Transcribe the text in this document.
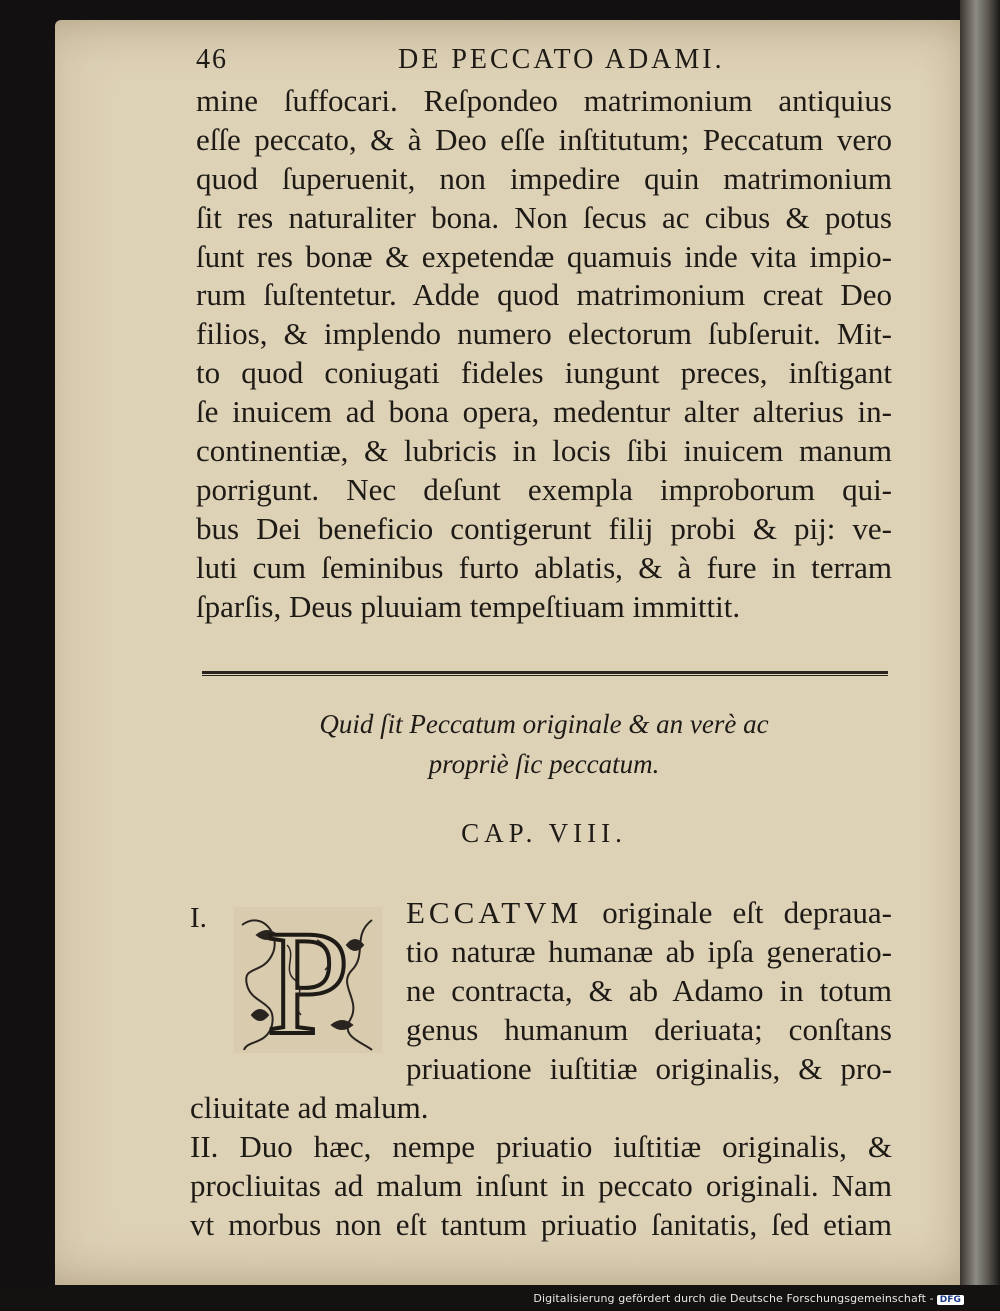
46	DE PECCATO ADAMI.
mine ſuffocari. Reſpondeo matrimonium antiquius
eſſe peccato, & à Deo eſſe inſtitutum; Peccatum vero
quod ſuperuenit, non impedire quin matrimonium
ſit res naturaliter bona. Non ſecus ac cibus & potus
ſunt res bonæ & expetendæ quamuis inde vita impio-
rum ſuſtentetur. Adde quod matrimonium creat Deo
filios, & implendo numero electorum ſubſeruit. Mit-
to quod coniugati fideles iungunt preces, inſtigant
ſe inuicem ad bona opera, medentur alter alterius in-
continentiæ, & lubricis in locis ſibi inuicem manum
porrigunt. Nec deſunt exempla improborum qui-
bus Dei beneficio contigerunt filij probi & pij: ve-
luti cum ſeminibus furto ablatis, & à fure in terram
ſparſis, Deus pluuiam tempeſtiuam immittit.
Quid ſit Peccatum originale & an verè ac
propriè ſic peccatum.
CAP. VIII.
I. P ECCATVM originale eſt depraua-
tio naturæ humanæ ab ipſa generatio-
ne contracta, & ab Adamo in totum
genus humanum deriuata; conſtans
priuatione iuſtitiæ originalis, & pro-
cliuitate ad malum.
II. Duo hæc, nempe priuatio iuſtitiæ originalis, &
procliuitas ad malum inſunt in peccato originali. Nam
vt morbus non eſt tantum priuatio ſanitatis, ſed etiam
Digitalisierung gefördert durch die Deutsche Forschungsgemeinschaft - DFG
